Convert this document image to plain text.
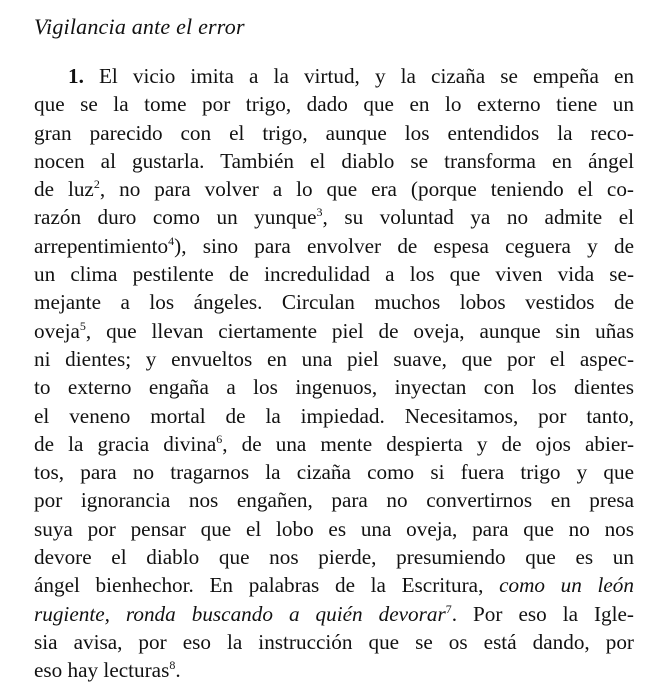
Vigilancia ante el error
1. El vicio imita a la virtud, y la cizaña se empeña en
que se la tome por trigo, dado que en lo externo tiene un
gran parecido con el trigo, aunque los entendidos la reco-
nocen al gustarla. También el diablo se transforma en ángel
de luz$^2$, no para volver a lo que era (porque teniendo el co-
razón duro como un yunque$^3$, su voluntad ya no admite el
arrepentimiento$^4$), sino para envolver de espesa ceguera y de
un clima pestilente de incredulidad a los que viven vida se-
mejante a los ángeles. Circulan muchos lobos vestidos de
oveja$^5$, que llevan ciertamente piel de oveja, aunque sin uñas
ni dientes; y envueltos en una piel suave, que por el aspec-
to externo engaña a los ingenuos, inyectan con los dientes
el veneno mortal de la impiedad. Necesitamos, por tanto,
de la gracia divina$^6$, de una mente despierta y de ojos abier-
tos, para no tragarnos la cizaña como si fuera trigo y que
por ignorancia nos engañen, para no convertirnos en presa
suya por pensar que el lobo es una oveja, para que no nos
devore el diablo que nos pierde, presumiendo que es un
ángel bienhechor. En palabras de la Escritura, como un león
rugiente, ronda buscando a quién devorar$^7$. Por eso la Igle-
sia avisa, por eso la instrucción que se os está dando, por
eso hay lecturas$^8$.
